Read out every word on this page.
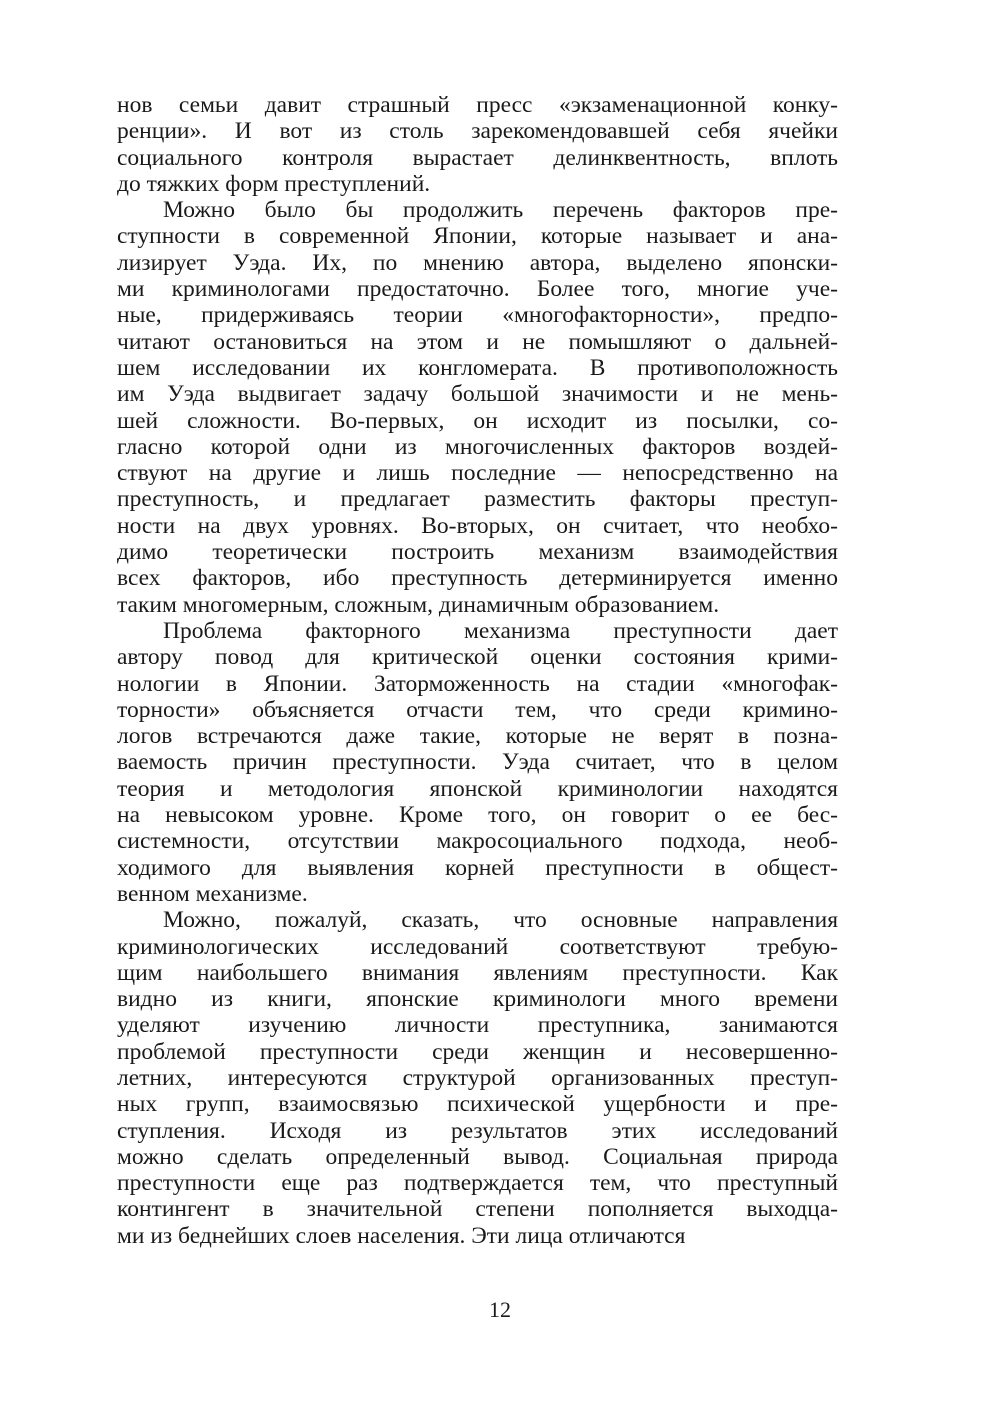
нов семьи давит страшный пресс «экзаменационной конку-
ренции». И вот из столь зарекомендовавшей себя ячейки
социального контроля вырастает делинквентность, вплоть
до тяжких форм преступлений.
Можно было бы продолжить перечень факторов пре-
ступности в современной Японии, которые называет и ана-
лизирует Уэда. Их, по мнению автора, выделено японски-
ми криминологами предостаточно. Более того, многие уче-
ные, придерживаясь теории «многофакторности», предпо-
читают остановиться на этом и не помышляют о дальней-
шем исследовании их конгломерата. В противоположность
им Уэда выдвигает задачу большой значимости и не мень-
шей сложности. Во-первых, он исходит из посылки, со-
гласно которой одни из многочисленных факторов воздей-
ствуют на другие и лишь последние — непосредственно на
преступность, и предлагает разместить факторы преступ-
ности на двух уровнях. Во-вторых, он считает, что необхо-
димо теоретически построить механизм взаимодействия
всех факторов, ибо преступность детерминируется именно
таким многомерным, сложным, динамичным образованием.
Проблема факторного механизма преступности дает
автору повод для критической оценки состояния крими-
нологии в Японии. Заторможенность на стадии «многофак-
торности» объясняется отчасти тем, что среди кримино-
логов встречаются даже такие, которые не верят в позна-
ваемость причин преступности. Уэда считает, что в целом
теория и методология японской криминологии находятся
на невысоком уровне. Кроме того, он говорит о ее бес-
системности, отсутствии макросоциального подхода, необ-
ходимого для выявления корней преступности в общест-
венном механизме.
Можно, пожалуй, сказать, что основные направления
криминологических исследований соответствуют требую-
щим наибольшего внимания явлениям преступности. Как
видно из книги, японские криминологи много времени
уделяют изучению личности преступника, занимаются
проблемой преступности среди женщин и несовершенно-
летних, интересуются структурой организованных преступ-
ных групп, взаимосвязью психической ущербности и пре-
ступления. Исходя из результатов этих исследований
можно сделать определенный вывод. Социальная природа
преступности еще раз подтверждается тем, что преступный
контингент в значительной степени пополняется выходца-
ми из беднейших слоев населения. Эти лица отличаются
12
